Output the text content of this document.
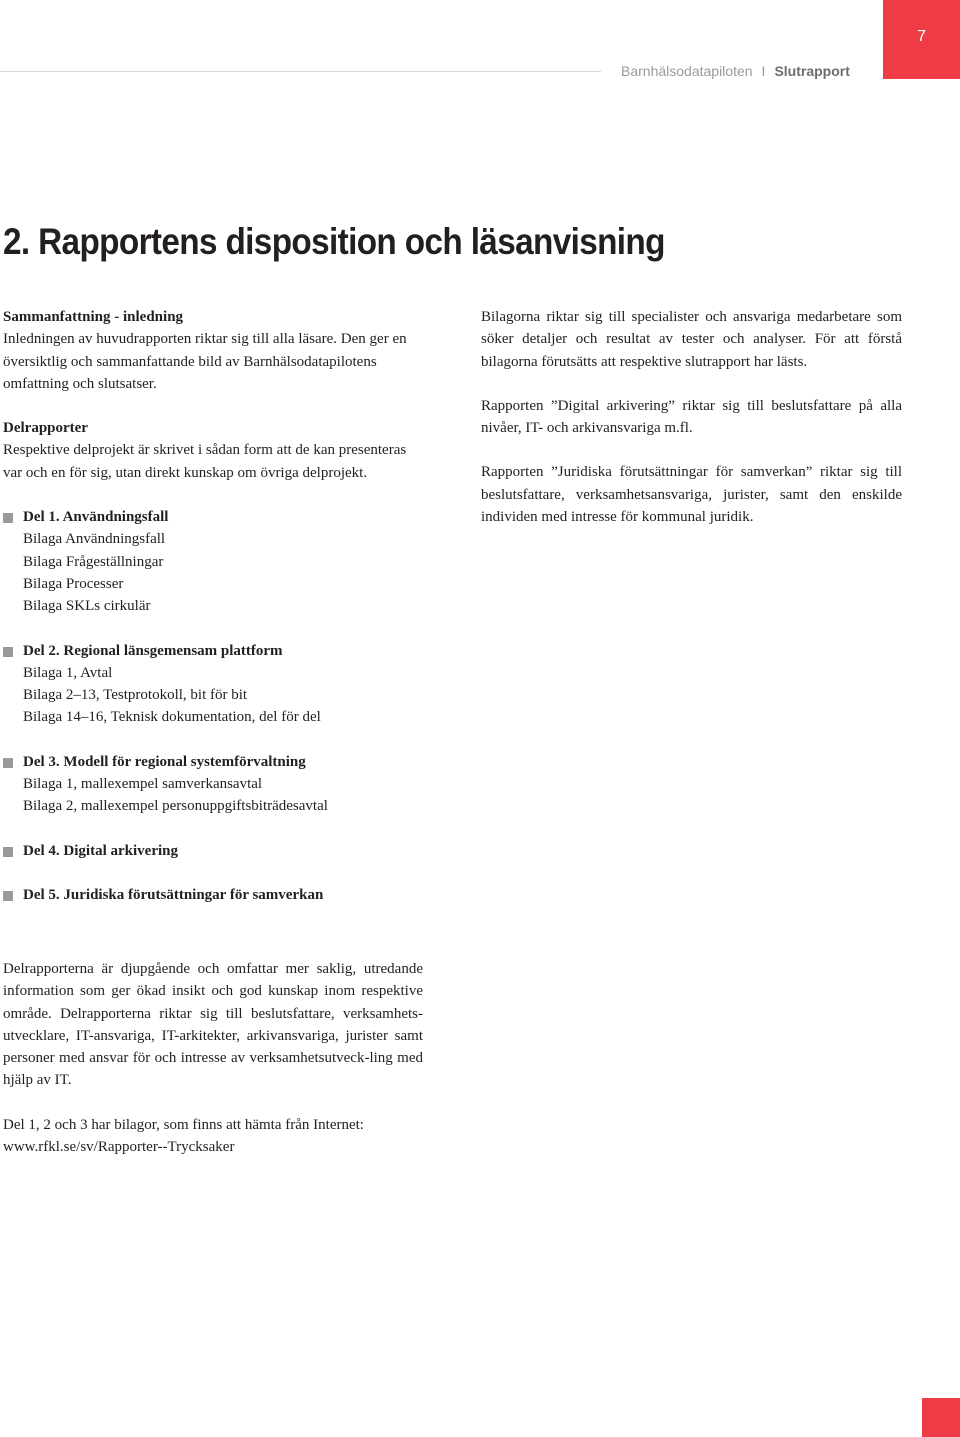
7
Barnhälsodatapiloten I Slutrapport
2. Rapportens disposition och läsanvisning
Sammanfattning - inledning

Inledningen av huvudrapporten riktar sig till alla läsare. Den ger en översiktlig och sammanfattande bild av Barnhälsodatapilotens omfattning och slutsatser.

Delrapporter

Respektive delprojekt är skrivet i sådan form att de kan presenteras var och en för sig, utan direkt kunskap om övriga delprojekt.

Del 1. Användningsfall
Bilaga Användningsfall
Bilaga Frågeställningar
Bilaga Processer
Bilaga SKLs cirkulär
Del 2. Regional länsgemensam plattform
Bilaga 1, Avtal
Bilaga 2–13, Testprotokoll, bit för bit
Bilaga 14–16, Teknisk dokumentation, del för del
Del 3. Modell för regional systemförvaltning
Bilaga 1, mallexempel samverkansavtal
Bilaga 2, mallexempel personuppgiftsbiträdesavtal
Del 4. Digital arkivering
Del 5. Juridiska förutsättningar för samverkan

Delrapporterna är djupgående och omfattar mer saklig, utredande information som ger ökad insikt och god kunskap inom respektive område. Delrapporterna riktar sig till beslutsfattare, verksamhets-utvecklare, IT-ansvariga, IT-arkitekter, arkivansvariga, jurister samt personer med ansvar för och intresse av verksamhetsutveck-ling med hjälp av IT.

Del 1, 2 och 3 har bilagor, som finns att hämta från Internet:

www.rfkl.se/sv/Rapporter--Trycksaker

Bilagorna riktar sig till specialister och ansvariga medarbetare som söker detaljer och resultat av tester och analyser. För att förstå bilagorna förutsätts att respektive slutrapport har lästs.

Rapporten ”Digital arkivering” riktar sig till beslutsfattare på alla nivåer, IT- och arkivansvariga m.fl.

Rapporten ”Juridiska förutsättningar för samverkan” riktar sig till beslutsfattare, verksamhetsansvariga, jurister, samt den enskilde individen med intresse för kommunal juridik.
